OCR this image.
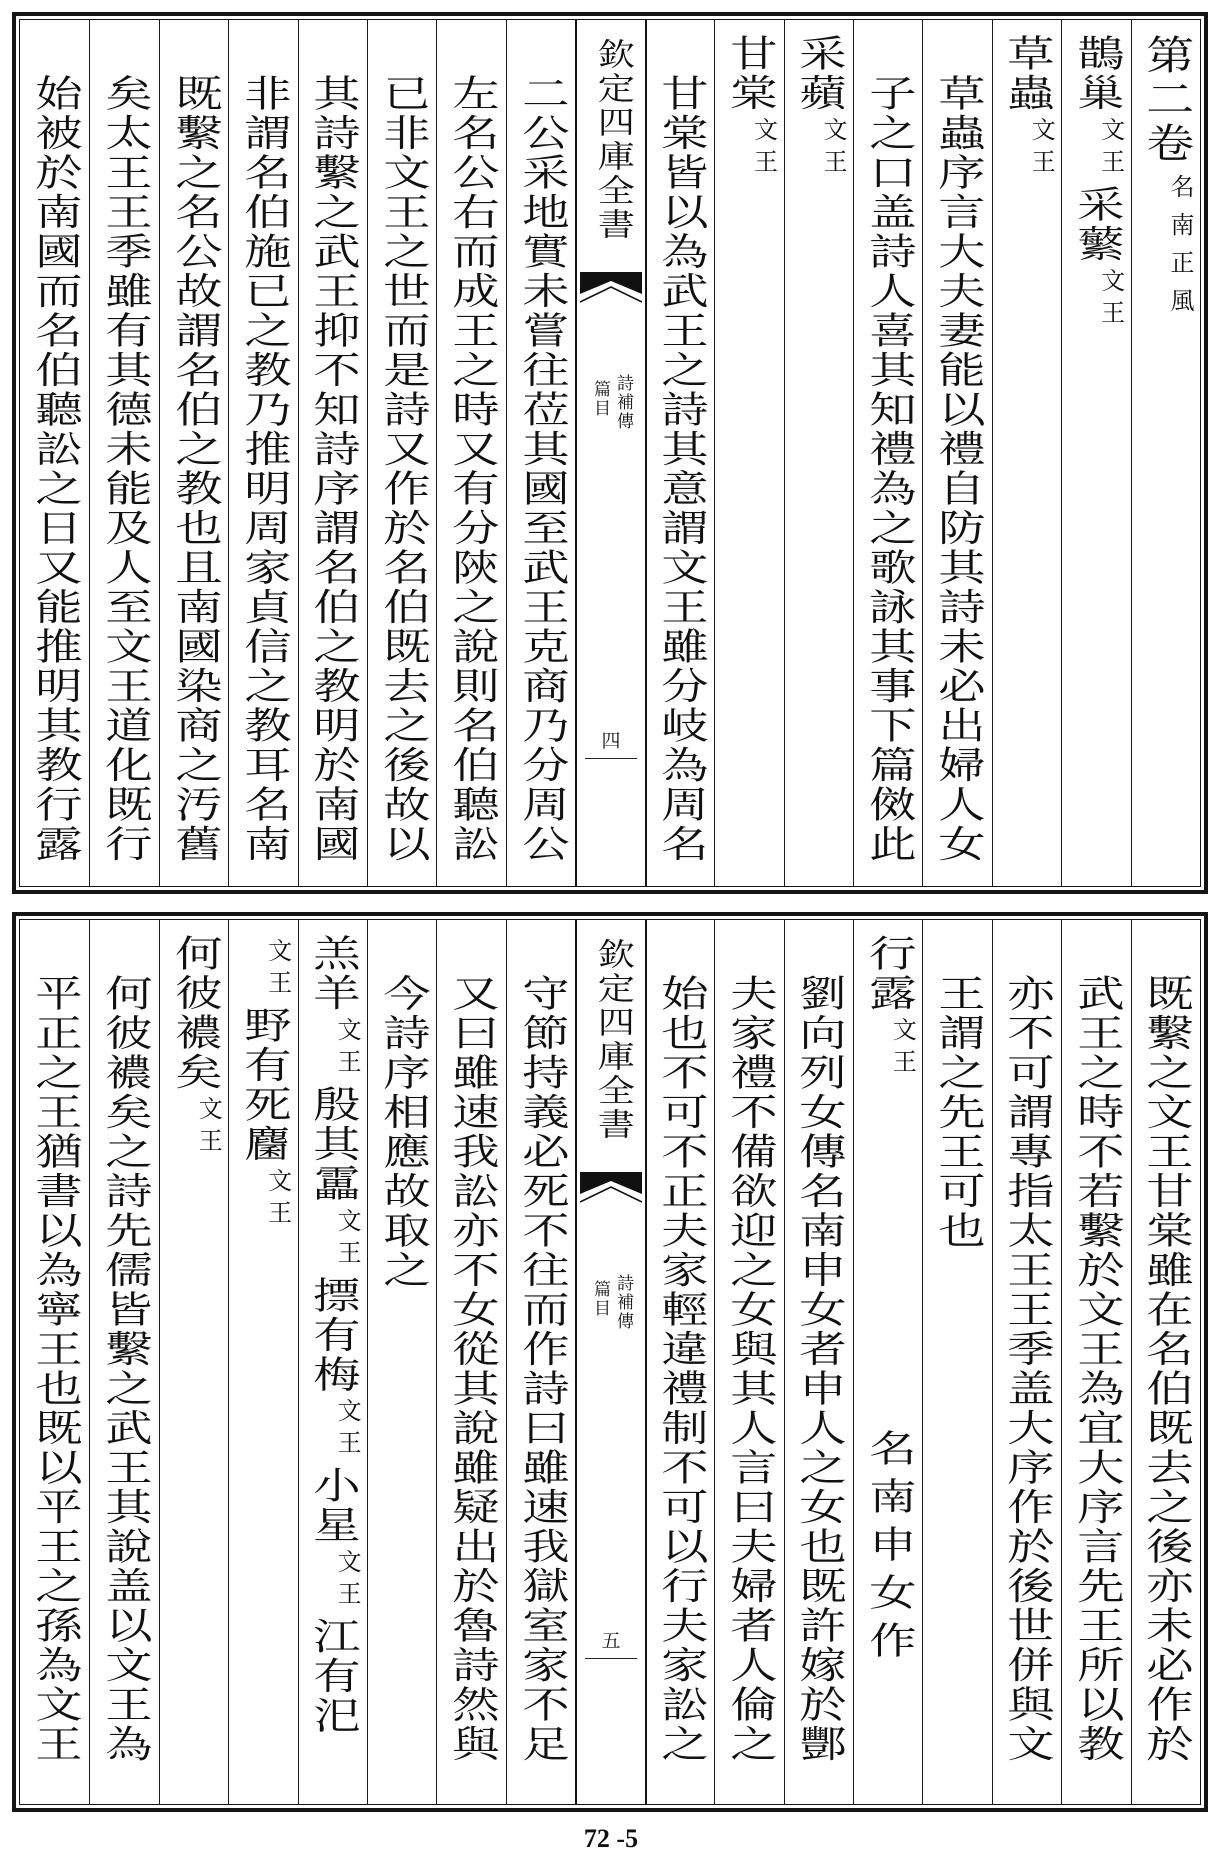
第二卷
名南正風
鵲巢
文王
采蘩
文王
草蟲
文王
草蟲序言大夫妻能以禮自防其詩未必出婦人女
子之口盖詩人喜其知禮為之歌詠其事下篇傚此
采蘋
文王
甘棠
文王
甘棠皆以為武王之詩其意謂文王雖分岐為周名
欽定四庫全書
詩補傳
篇目
四
二公采地實未嘗往莅其國至武王克商乃分周公
左名公右而成王之時又有分陝之說則名伯聽訟
已非文王之世而是詩又作於名伯既去之後故以
其詩繫之武王抑不知詩序謂名伯之教明於南國
非謂名伯施已之教乃推明周家貞信之教耳名南
既繫之名公故謂名伯之教也且南國染商之汚舊
矣太王王季雖有其德未能及人至文王道化既行
始被於南國而名伯聽訟之日又能推明其教行露
既繫之文王甘棠雖在名伯既去之後亦未必作於
武王之時不若繫於文王為宜大序言先王所以教
亦不可謂專指太王王季盖大序作於後世併與文
王謂之先王可也
行露
文王
名南申女作
劉向列女傳名南申女者申人之女也既許嫁於酆
夫家禮不備欲迎之女與其人言曰夫婦者人倫之
始也不可不正夫家輕違禮制不可以行夫家訟之
欽定四庫全書
詩補傳
篇目
五
守節持義必死不往而作詩曰雖速我獄室家不足
又曰雖速我訟亦不女從其說雖疑出於魯詩然與
今詩序相應故取之
羔羊
文王
殷其靁
文王
摽有梅
文王
小星
文王
江有汜
文王
野有死麕
文王
何彼襛矣
文王
何彼襛矣之詩先儒皆繫之武王其說盖以文王為
平正之王猶書以為寧王也既以平王之孫為文王
72 -5
